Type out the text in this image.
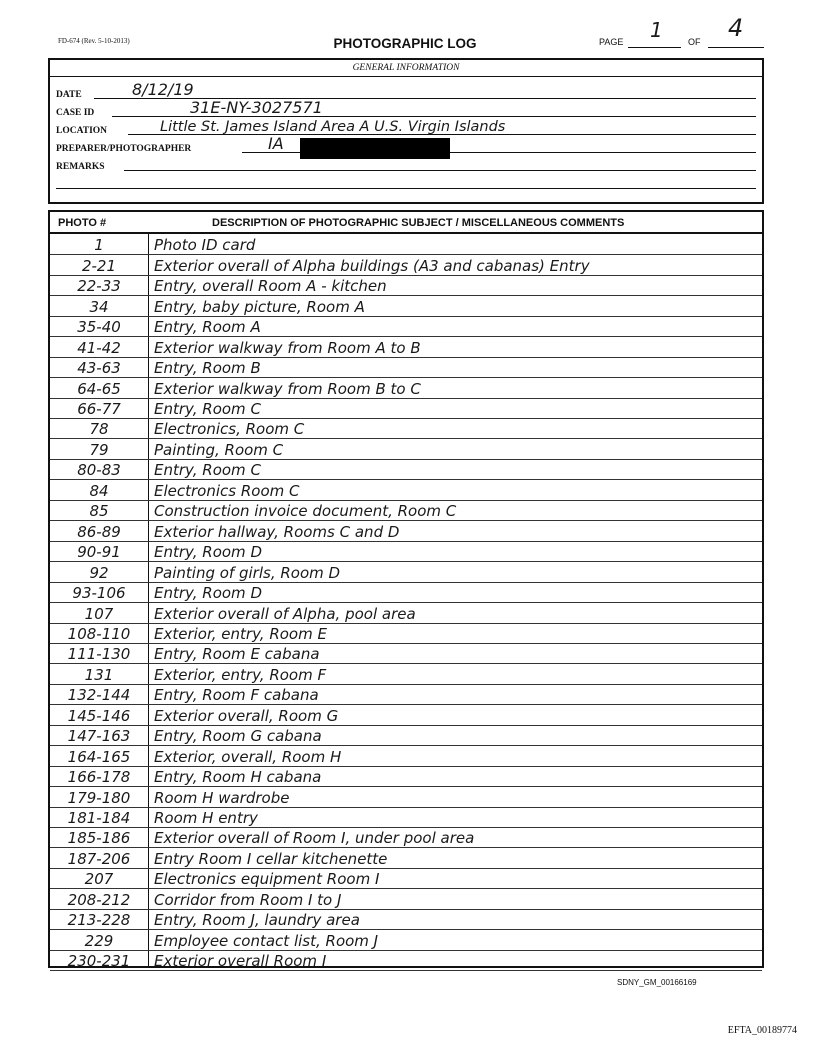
FD-674 (Rev. 5-10-2013)	PHOTOGRAPHIC LOG	PAGE 1	OF 4
GENERAL INFORMATION
DATE	8/12/19
CASE ID	31E-NY-3027571
LOCATION	Little St. James Island Area A U.S. Virgin Islands
PREPARER/PHOTOGRAPHER	IA
REMARKS
PHOTO #	DESCRIPTION OF PHOTOGRAPHIC SUBJECT / MISCELLANEOUS COMMENTS
1	Photo ID card
2-21	Exterior overall of Alpha buildings (A3 and cabanas) Entry
22-33	Entry, overall Room A - kitchen
34	Entry, baby picture, Room A
35-40	Entry, Room A
41-42	Exterior walkway from Room A to B
43-63	Entry, Room B
64-65	Exterior walkway from Room B to C
66-77	Entry, Room C
78	Electronics, Room C
79	Painting, Room C
80-83	Entry, Room C
84	Electronics Room C
85	Construction invoice document, Room C
86-89	Exterior hallway, Rooms C and D
90-91	Entry, Room D
92	Painting of girls, Room D
93-106	Entry, Room D
107	Exterior overall of Alpha, pool area
108-110	Exterior, entry, Room E
111-130	Entry, Room E cabana
131	Exterior, entry, Room F
132-144	Entry, Room F cabana
145-146	Exterior overall, Room G
147-163	Entry, Room G cabana
164-165	Exterior, overall, Room H
166-178	Entry, Room H cabana
179-180	Room H wardrobe
181-184	Room H entry
185-186	Exterior overall of Room I, under pool area
187-206	Entry Room I cellar kitchenette
207	Electronics equipment Room I
208-212	Corridor from Room I to J
213-228	Entry, Room J, laundry area
229	Employee contact list, Room J
230-231	Exterior overall Room I
SDNY_GM_00166169
EFTA_00189774
